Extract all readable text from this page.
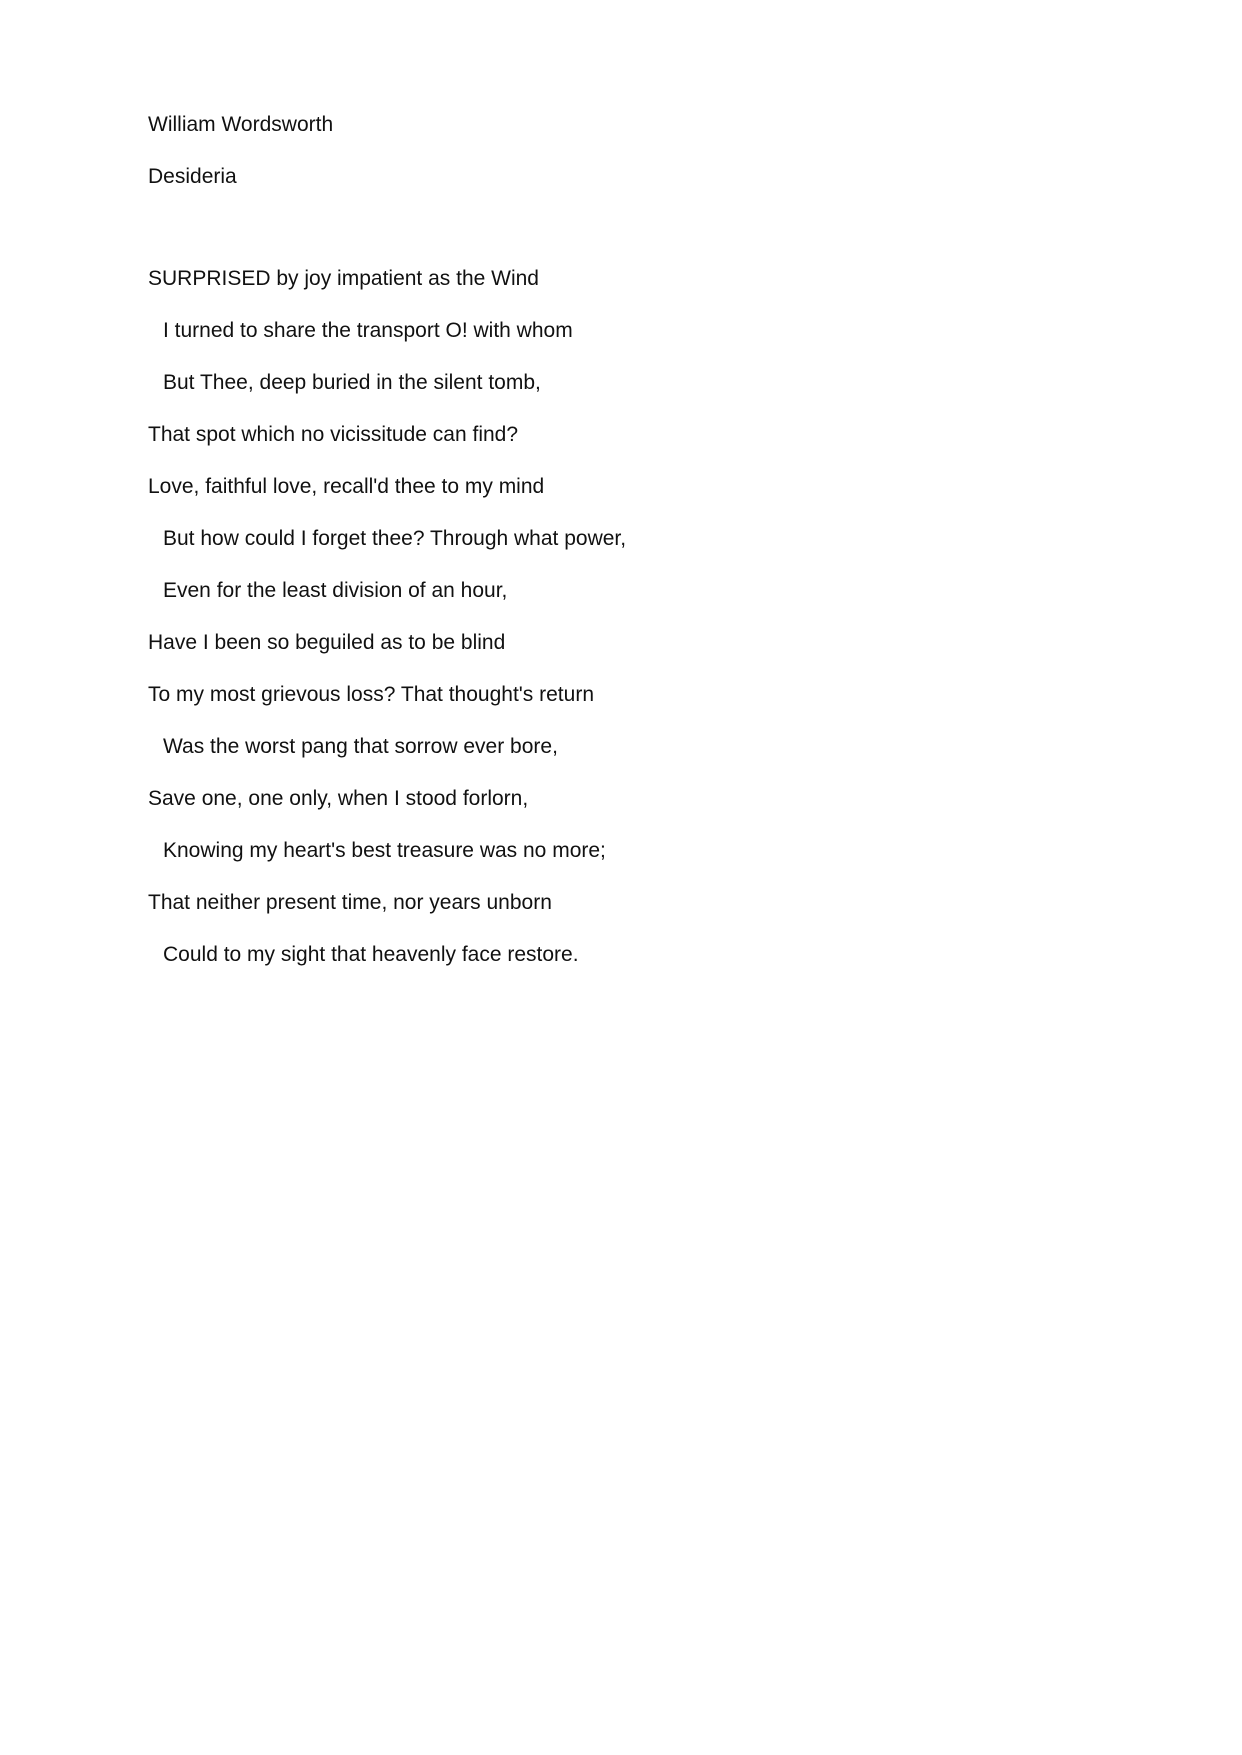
William Wordsworth

Desideria

SURPRISED by joy impatient as the Wind

I turned to share the transport O! with whom

But Thee, deep buried in the silent tomb,

That spot which no vicissitude can find?

Love, faithful love, recall'd thee to my mind

But how could I forget thee? Through what power,

Even for the least division of an hour,

Have I been so beguiled as to be blind

To my most grievous loss? That thought's return

Was the worst pang that sorrow ever bore,

Save one, one only, when I stood forlorn,

Knowing my heart's best treasure was no more;

That neither present time, nor years unborn

Could to my sight that heavenly face restore.
